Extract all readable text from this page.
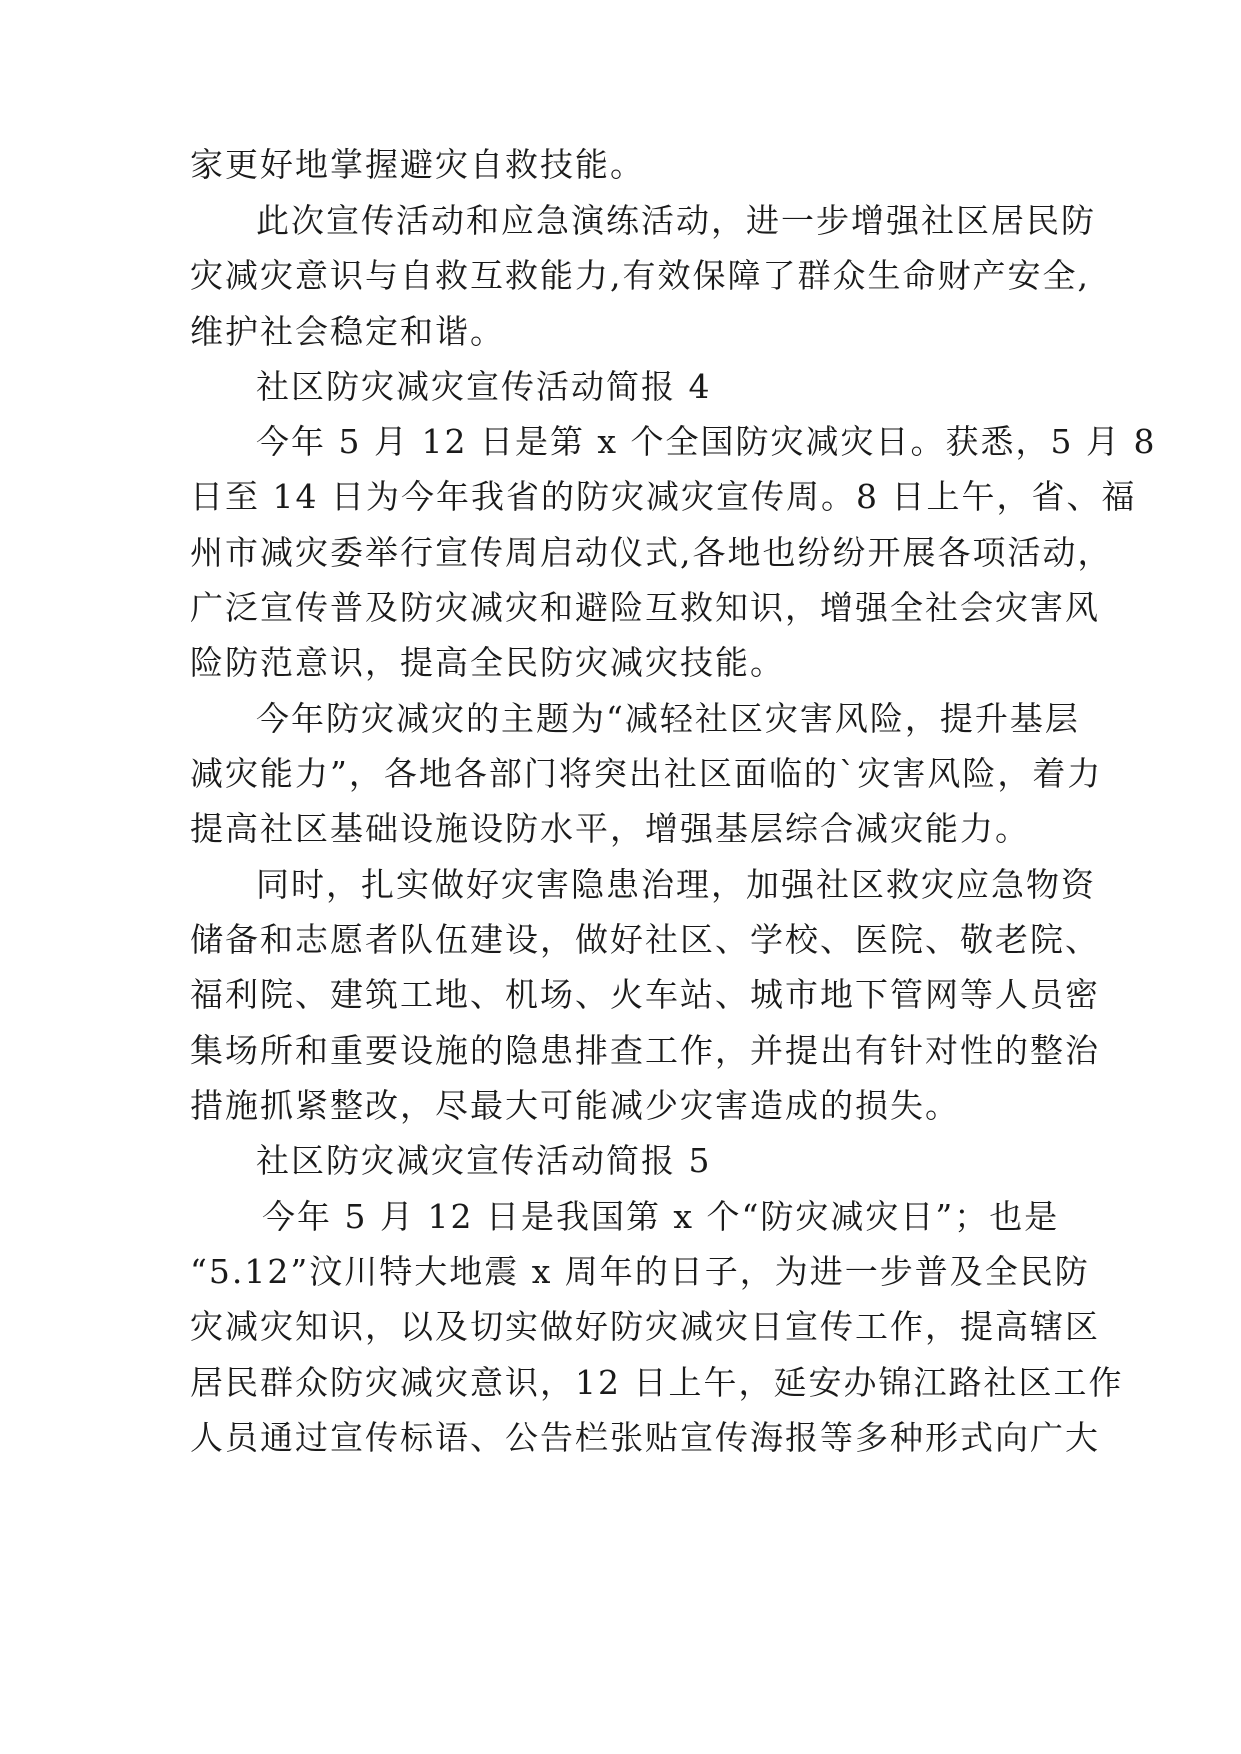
家更好地掌握避灾自救技能。
此次宣传活动和应急演练活动，进一步增强社区居民防
灾减灾意识与自救互救能力,有效保障了群众生命财产安全,
维护社会稳定和谐。
社区防灾减灾宣传活动简报 4
今年 5 月 12 日是第 x 个全国防灾减灾日。获悉，5 月 8
日至 14 日为今年我省的防灾减灾宣传周。8 日上午，省、福
州市减灾委举行宣传周启动仪式,各地也纷纷开展各项活动，
广泛宣传普及防灾减灾和避险互救知识，增强全社会灾害风
险防范意识，提高全民防灾减灾技能。
今年防灾减灾的主题为“减轻社区灾害风险，提升基层
减灾能力”，各地各部门将突出社区面临的`灾害风险，着力
提高社区基础设施设防水平，增强基层综合减灾能力。
同时，扎实做好灾害隐患治理，加强社区救灾应急物资
储备和志愿者队伍建设，做好社区、学校、医院、敬老院、
福利院、建筑工地、机场、火车站、城市地下管网等人员密
集场所和重要设施的隐患排查工作，并提出有针对性的整治
措施抓紧整改，尽最大可能减少灾害造成的损失。
社区防灾减灾宣传活动简报 5
今年 5 月 12 日是我国第 x 个“防灾减灾日”；也是
“5.12”汶川特大地震 x 周年的日子，为进一步普及全民防
灾减灾知识，以及切实做好防灾减灾日宣传工作，提高辖区
居民群众防灾减灾意识，12 日上午，延安办锦江路社区工作
人员通过宣传标语、公告栏张贴宣传海报等多种形式向广大
